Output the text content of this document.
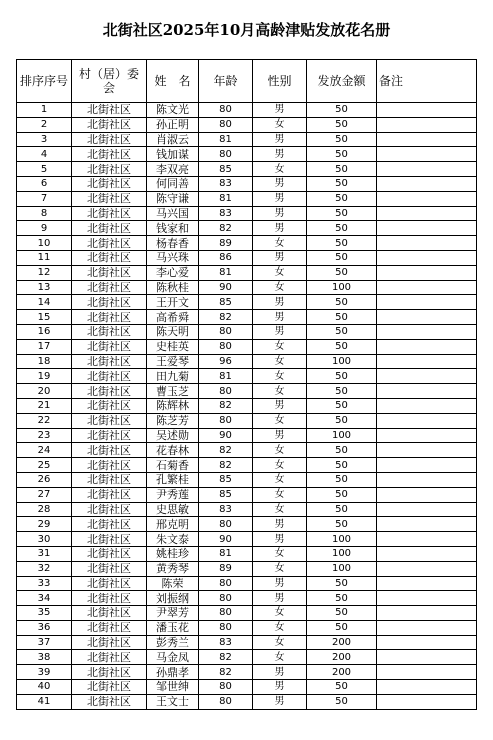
北街社区2025年10月高龄津贴发放花名册
排序序号	村（居）委会	姓　名	年龄	性别	发放金额	备注
1	北街社区	陈文光	80	男	50	
2	北街社区	孙正明	80	女	50	
3	北街社区	肖淑云	81	男	50	
4	北街社区	钱加谋	80	男	50	
5	北街社区	李双亮	85	女	50	
6	北街社区	何同善	83	男	50	
7	北街社区	陈守谦	81	男	50	
8	北街社区	马兴国	83	男	50	
9	北街社区	钱家和	82	男	50	
10	北街社区	杨春香	89	女	50	
11	北街社区	马兴珠	86	男	50	
12	北街社区	李心爱	81	女	50	
13	北街社区	陈秋桂	90	女	100	
14	北街社区	王开文	85	男	50	
15	北街社区	高希舜	82	男	50	
16	北街社区	陈天明	80	男	50	
17	北街社区	史桂英	80	女	50	
18	北街社区	王爱琴	96	女	100	
19	北街社区	田九菊	81	女	50	
20	北街社区	曹玉芝	80	女	50	
21	北街社区	陈辉林	82	男	50	
22	北街社区	陈芝芳	80	女	50	
23	北街社区	吴述勋	90	男	100	
24	北街社区	花春林	82	女	50	
25	北街社区	石菊香	82	女	50	
26	北街社区	孔繁桂	85	女	50	
27	北街社区	尹秀莲	85	女	50	
28	北街社区	史思敏	83	女	50	
29	北街社区	邢克明	80	男	50	
30	北街社区	朱文泰	90	男	100	
31	北街社区	姚桂珍	81	女	100	
32	北街社区	黄秀琴	89	女	100	
33	北街社区	陈荣	80	男	50	
34	北街社区	刘振纲	80	男	50	
35	北街社区	尹翠芳	80	女	50	
36	北街社区	潘玉花	80	女	50	
37	北街社区	彭秀兰	83	女	200	
38	北街社区	马金凤	82	女	200	
39	北街社区	孙鼎孝	82	男	200	
40	北街社区	邹世绅	80	男	50	
41	北街社区	王文士	80	男	50	
